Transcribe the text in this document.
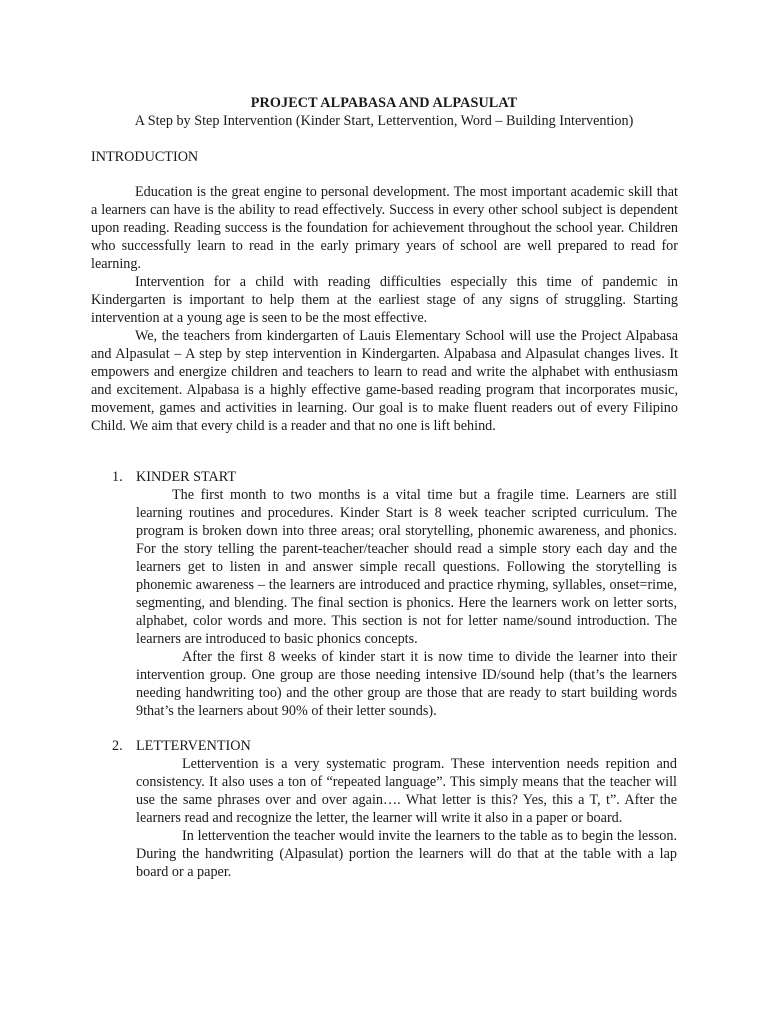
PROJECT ALPABASA AND ALPASULAT
A Step by Step Intervention (Kinder Start, Lettervention, Word – Building Intervention)
INTRODUCTION

Education is the great engine to personal development. The most important academic skill that a learners can have is the ability to read effectively. Success in every other school subject is dependent upon reading. Reading success is the foundation for achievement throughout the school year. Children who successfully learn to read in the early primary years of school are well prepared to read for learning.

Intervention for a child with reading difficulties especially this time of pandemic in Kindergarten is important to help them at the earliest stage of any signs of struggling. Starting intervention at a young age is seen to be the most effective.

We, the teachers from kindergarten of Lauis Elementary School will use the Project Alpabasa and Alpasulat – A step by step intervention in Kindergarten. Alpabasa and Alpasulat changes lives. It empowers and energize children and teachers to learn to read and write the alphabet with enthusiasm and excitement. Alpabasa is a highly effective game-based reading program that incorporates music, movement, games and activities in learning. Our goal is to make fluent readers out of every Filipino Child. We aim that every child is a reader and that no one is lift behind.

1. KINDER START

The first month to two months is a vital time but a fragile time. Learners are still learning routines and procedures. Kinder Start is 8 week teacher scripted curriculum. The program is broken down into three areas; oral storytelling, phonemic awareness, and phonics. For the story telling the parent-teacher/teacher should read a simple story each day and the learners get to listen in and answer simple recall questions. Following the storytelling is phonemic awareness – the learners are introduced and practice rhyming, syllables, onset=rime, segmenting, and blending. The final section is phonics. Here the learners work on letter sorts, alphabet, color words and more. This section is not for letter name/sound introduction. The learners are introduced to basic phonics concepts.

After the first 8 weeks of kinder start it is now time to divide the learner into their intervention group. One group are those needing intensive ID/sound help (that’s the learners needing handwriting too) and the other group are those that are ready to start building words 9that’s the learners about 90% of their letter sounds).

2. LETTERVENTION

Lettervention is a very systematic program. These intervention needs repition and consistency. It also uses a ton of “repeated language”. This simply means that the teacher will use the same phrases over and over again…. What letter is this? Yes, this a T, t”. After the learners read and recognize the letter, the learner will write it also in a paper or board.

In lettervention the teacher would invite the learners to the table as to begin the lesson. During the handwriting (Alpasulat) portion the learners will do that at the table with a lap board or a paper.
